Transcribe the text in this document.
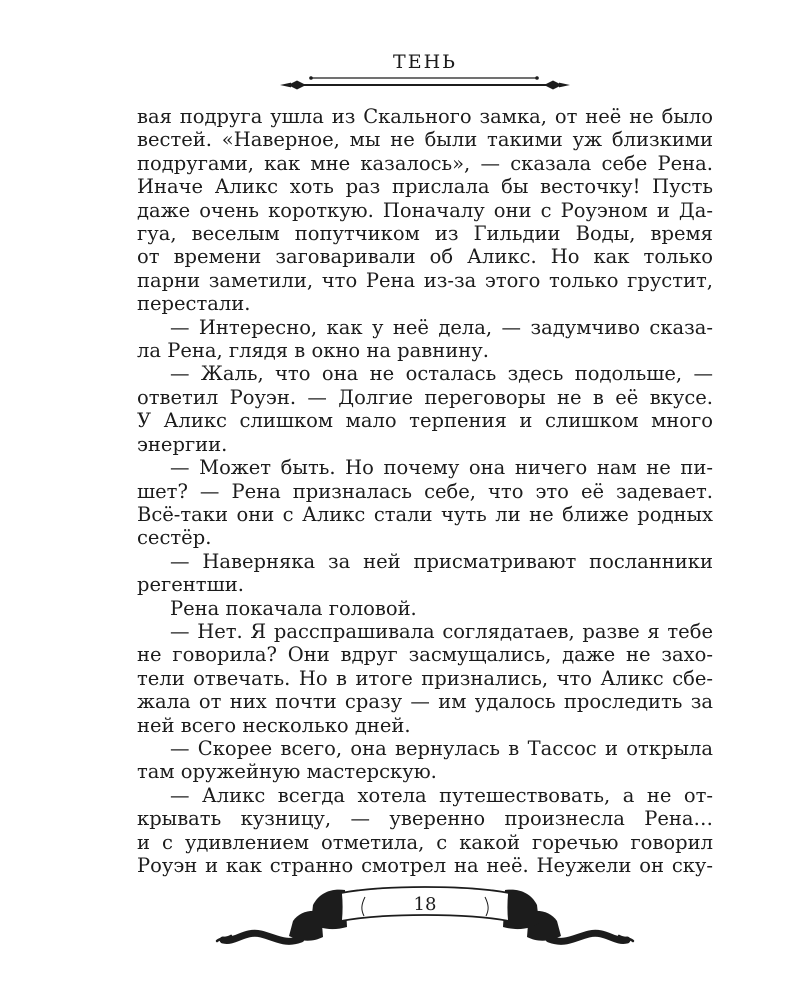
ТЕНЬ
вая подруга ушла из Скального замка, от неё не было
вестей. «Наверное, мы не были такими уж близкими
подругами, как мне казалось», — сказала себе Рена.
Иначе Аликс хоть раз прислала бы весточку! Пусть
даже очень короткую. Поначалу они с Роуэном и Да-
гуа, веселым попутчиком из Гильдии Воды, время
от времени заговаривали об Аликс. Но как только
парни заметили, что Рена из-за этого только грустит,
перестали.
— Интересно, как у неё дела, — задумчиво сказа-
ла Рена, глядя в окно на равнину.
— Жаль, что она не осталась здесь подольше, —
ответил Роуэн. — Долгие переговоры не в её вкусе.
У Аликс слишком мало терпения и слишком много
энергии.
— Может быть. Но почему она ничего нам не пи-
шет? — Рена призналась себе, что это её задевает.
Всё-таки они с Аликс стали чуть ли не ближе родных
сестёр.
— Наверняка за ней присматривают посланники
регентши.
Рена покачала головой.
— Нет. Я расспрашивала соглядатаев, разве я тебе
не говорила? Они вдруг засмущались, даже не захо-
тели отвечать. Но в итоге признались, что Аликс сбе-
жала от них почти сразу — им удалось проследить за
ней всего несколько дней.
— Скорее всего, она вернулась в Тассос и открыла
там оружейную мастерскую.
— Аликс всегда хотела путешествовать, а не от-
крывать кузницу, — уверенно произнесла Рена…
и с удивлением отметила, с какой горечью говорил
Роуэн и как странно смотрел на неё. Неужели он ску-
18
